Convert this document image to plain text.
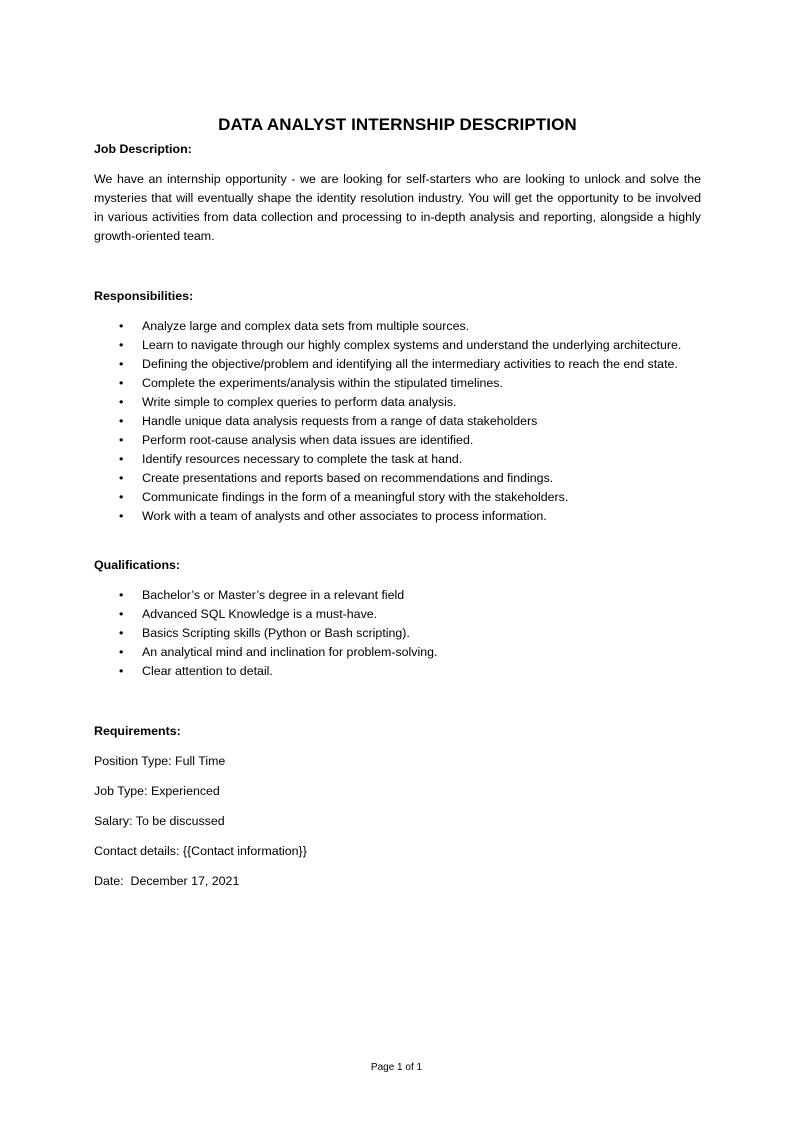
DATA ANALYST INTERNSHIP DESCRIPTION
Job Description:

We have an internship opportunity - we are looking for self-starters who are looking to unlock and solve the mysteries that will eventually shape the identity resolution industry. You will get the opportunity to be involved in various activities from data collection and processing to in-depth analysis and reporting, alongside a highly growth-oriented team.

Responsibilities:
• Analyze large and complex data sets from multiple sources.
• Learn to navigate through our highly complex systems and understand the underlying architecture.
• Defining the objective/problem and identifying all the intermediary activities to reach the end state.
• Complete the experiments/analysis within the stipulated timelines.
• Write simple to complex queries to perform data analysis.
• Handle unique data analysis requests from a range of data stakeholders
• Perform root-cause analysis when data issues are identified.
• Identify resources necessary to complete the task at hand.
• Create presentations and reports based on recommendations and findings.
• Communicate findings in the form of a meaningful story with the stakeholders.
• Work with a team of analysts and other associates to process information.
Qualifications:
• Bachelor’s or Master’s degree in a relevant field
• Advanced SQL Knowledge is a must-have.
• Basics Scripting skills (Python or Bash scripting).
• An analytical mind and inclination for problem-solving.
• Clear attention to detail.
Requirements:
Position Type: Full Time
Job Type: Experienced
Salary: To be discussed
Contact details: {{Contact information}}
Date:  December 17, 2021
Page 1 of 1
